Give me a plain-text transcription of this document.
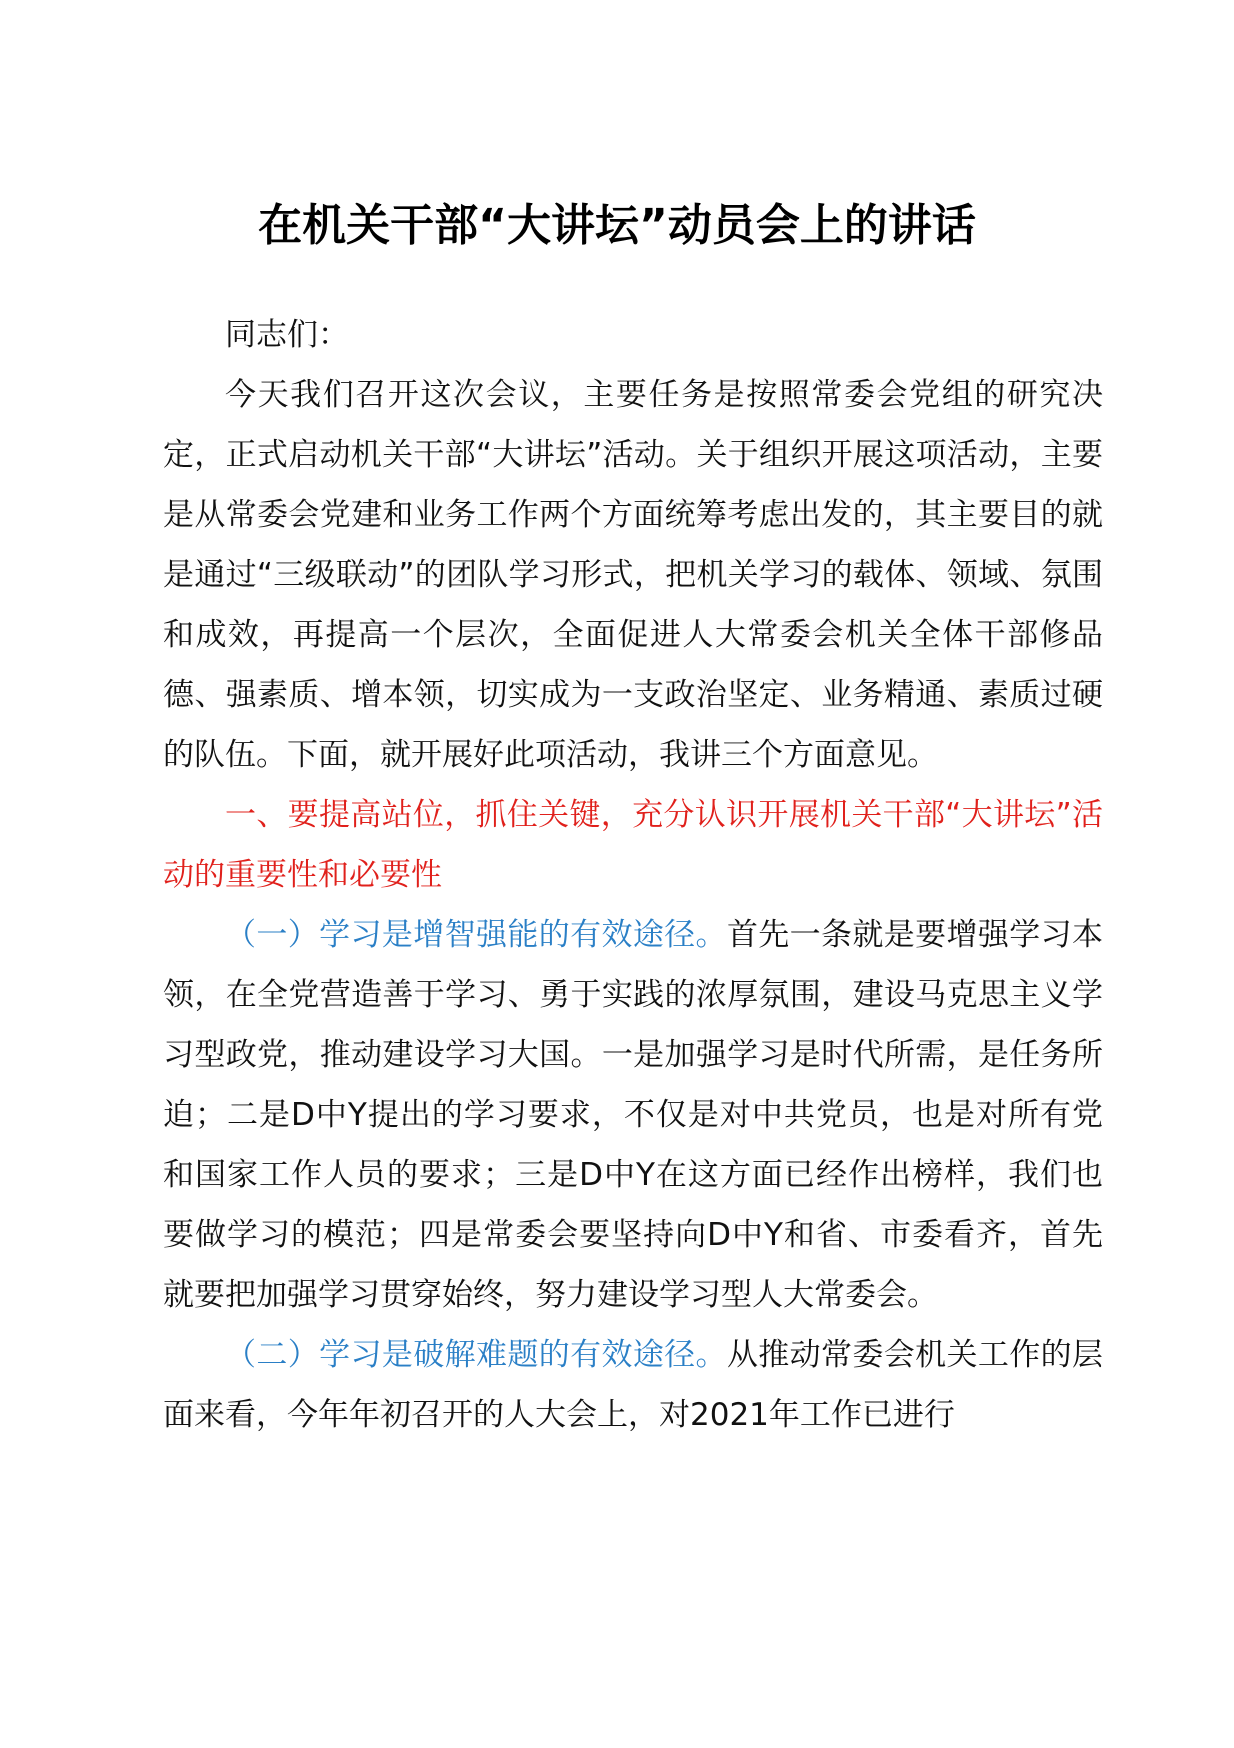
在机关干部“大讲坛”动员会上的讲话

同志们：

今天我们召开这次会议，主要任务是按照常委会党组的研究决定，正式启动机关干部“大讲坛”活动。关于组织开展这项活动，主要是从常委会党建和业务工作两个方面统筹考虑出发的，其主要目的就是通过“三级联动”的团队学习形式，把机关学习的载体、领域、氛围和成效，再提高一个层次，全面促进人大常委会机关全体干部修品德、强素质、增本领，切实成为一支政治坚定、业务精通、素质过硬的队伍。下面，就开展好此项活动，我讲三个方面意见。

一、要提高站位，抓住关键，充分认识开展机关干部“大讲坛”活动的重要性和必要性

（一）学习是增智强能的有效途径。首先一条就是要增强学习本领，在全党营造善于学习、勇于实践的浓厚氛围，建设马克思主义学习型政党，推动建设学习大国。一是加强学习是时代所需，是任务所迫；二是D中Y提出的学习要求，不仅是对中共党员，也是对所有党和国家工作人员的要求；三是D中Y在这方面已经作出榜样，我们也要做学习的模范；四是常委会要坚持向D中Y和省、市委看齐，首先就要把加强学习贯穿始终，努力建设学习型人大常委会。

（二）学习是破解难题的有效途径。从推动常委会机关工作的层面来看，今年年初召开的人大会上，对2021年工作已进行
